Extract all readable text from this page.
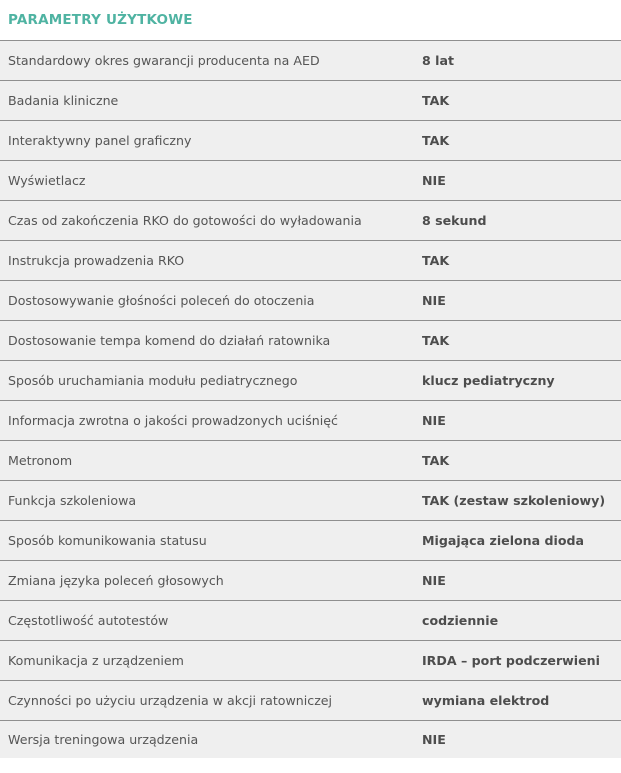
PARAMETRY UŻYTKOWE
Standardowy okres gwarancji producenta na AED	8 lat
Badania kliniczne	TAK
Interaktywny panel graficzny	TAK
Wyświetlacz	NIE
Czas od zakończenia RKO do gotowości do wyładowania	8 sekund
Instrukcja prowadzenia RKO	TAK
Dostosowywanie głośności poleceń do otoczenia	NIE
Dostosowanie tempa komend do działań ratownika	TAK
Sposób uruchamiania modułu pediatrycznego	klucz pediatryczny
Informacja zwrotna o jakości prowadzonych uciśnięć	NIE
Metronom	TAK
Funkcja szkoleniowa	TAK (zestaw szkoleniowy)
Sposób komunikowania statusu	Migająca zielona dioda
Zmiana języka poleceń głosowych	NIE
Częstotliwość autotestów	codziennie
Komunikacja z urządzeniem	IRDA – port podczerwieni
Czynności po użyciu urządzenia w akcji ratowniczej	wymiana elektrod
Wersja treningowa urządzenia	NIE
